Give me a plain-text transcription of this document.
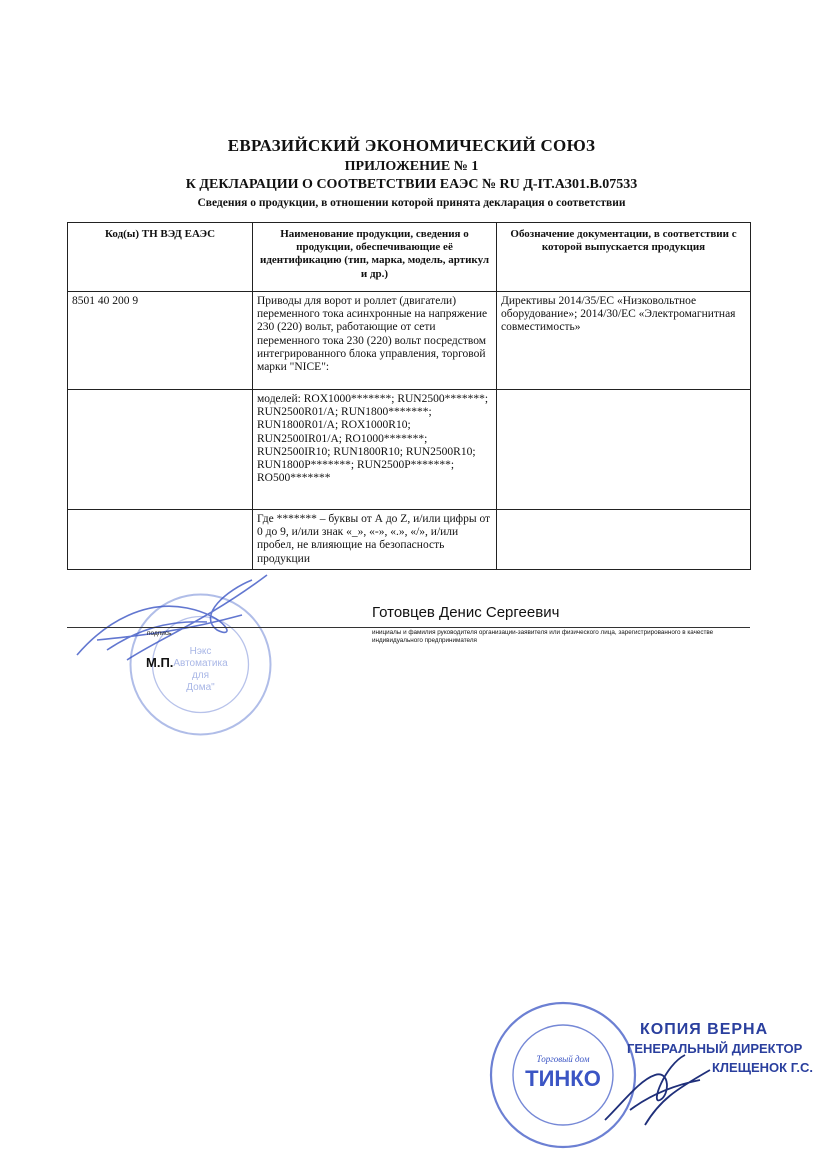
ЕВРАЗИЙСКИЙ ЭКОНОМИЧЕСКИЙ СОЮЗ
ПРИЛОЖЕНИЕ № 1
К ДЕКЛАРАЦИИ О СООТВЕТСТВИИ ЕАЭС № RU Д-IT.АЗ01.В.07533
Сведения о продукции, в отношении которой принята декларация о соответствии
Код(ы) ТН ВЭД ЕАЭС	Наименование продукции, сведения о продукции, обеспечивающие её идентификацию (тип, марка, модель, артикул и др.)	Обозначение документации, в соответствии с которой выпускается продукция
8501 40 200 9	Приводы для ворот и роллет (двигатели) переменного тока асинхронные на напряжение 230 (220) вольт, работающие от сети переменного тока 230 (220) вольт посредством интегрированного блока управления, торговой марки "NICE":	Директивы 2014/35/ЕС «Низковольтное оборудование»; 2014/30/ЕС «Электромагнитная совместимость»
	моделей: ROX1000*******; RUN2500*******; RUN2500R01/A; RUN1800*******; RUN1800R01/A; ROX1000R10; RUN2500IR01/A; RO1000*******; RUN2500IR10; RUN1800R10; RUN2500R10; RUN1800P*******; RUN2500P*******; RO500*******	
	Где ******* – буквы от А до Z, и/или цифры от 0 до 9, и/или знак «_», «-», «.», «/», и/или пробел, не влияющие на безопасность продукции	
Нэкс
Автоматика
для
Дома"
Готовцев Денис Сергеевич
подпись	инициалы и фамилия руководителя организации-заявителя или физического лица, зарегистрированного в качестве индивидуального предпринимателя
М.П.
Торговый дом
ТИНКО
КОПИЯ ВЕРНА
ГЕНЕРАЛЬНЫЙ ДИРЕКТОР
КЛЕЩЕНОК Г.С.
